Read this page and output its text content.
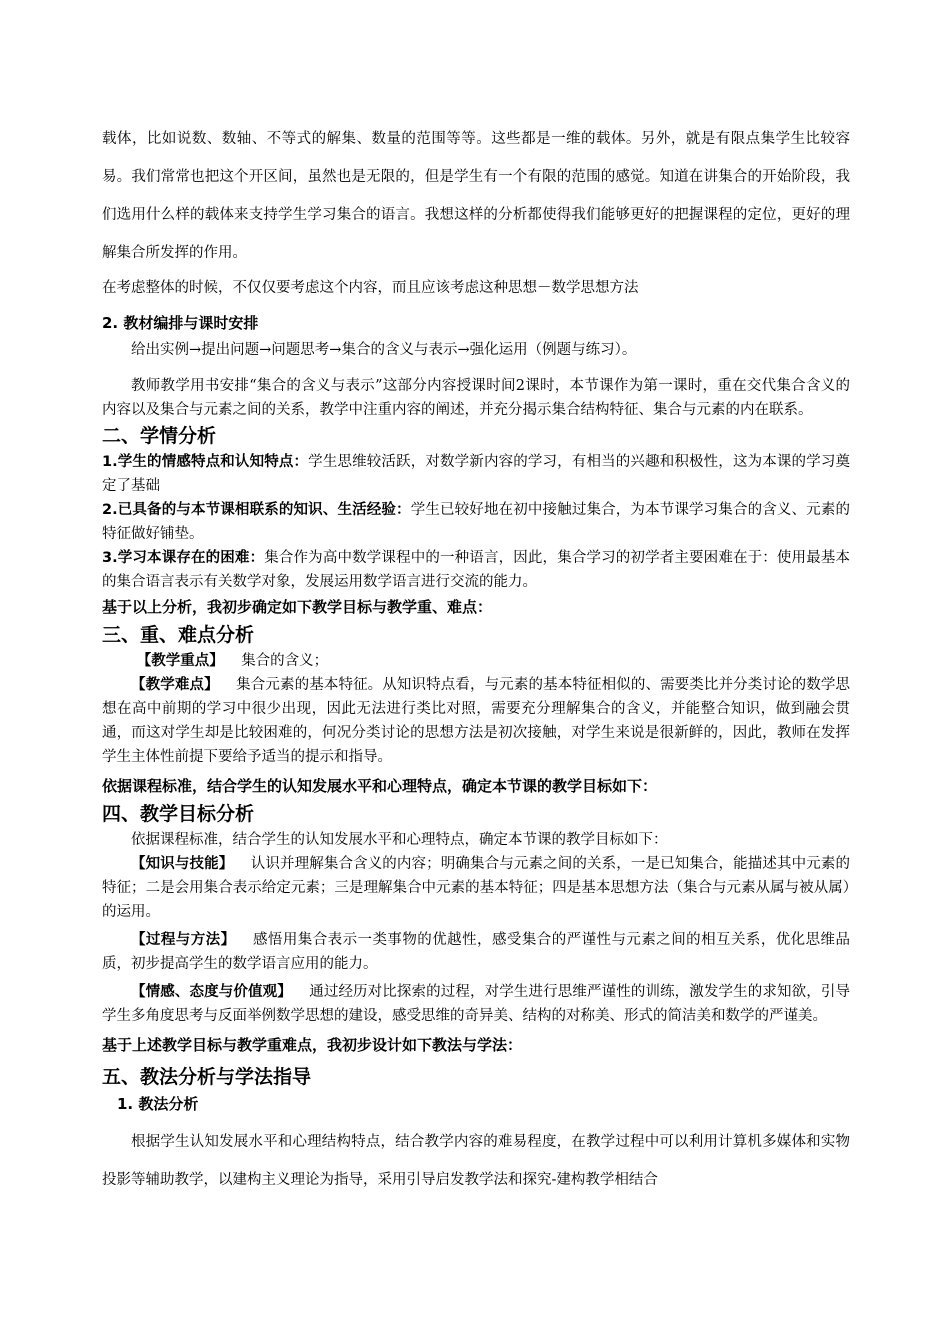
载体，比如说数、数轴、不等式的解集、数量的范围等等。这些都是一维的载体。另外，就是有限点集学生比较容易。我们常常也把这个开区间，虽然也是无限的，但是学生有一个有限的范围的感觉。知道在讲集合的开始阶段，我们选用什么样的载体来支持学生学习集合的语言。我想这样的分析都使得我们能够更好的把握课程的定位，更好的理解集合所发挥的作用。

在考虑整体的时候，不仅仅要考虑这个内容，而且应该考虑这种思想－数学思想方法

2. 教材编排与课时安排

给出实例→提出问题→问题思考→集合的含义与表示→强化运用（例题与练习）。

教师教学用书安排“集合的含义与表示”这部分内容授课时间2课时，本节课作为第一课时，重在交代集合含义的内容以及集合与元素之间的关系，教学中注重内容的阐述，并充分揭示集合结构特征、集合与元素的内在联系。

二、学情分析

1.学生的情感特点和认知特点：学生思维较活跃，对数学新内容的学习，有相当的兴趣和积极性，这为本课的学习奠定了基础

2.已具备的与本节课相联系的知识、生活经验：学生已较好地在初中接触过集合，为本节课学习集合的含义、元素的特征做好铺垫。

3.学习本课存在的困难：集合作为高中数学课程中的一种语言，因此，集合学习的初学者主要困难在于：使用最基本的集合语言表示有关数学对象，发展运用数学语言进行交流的能力。

基于以上分析，我初步确定如下教学目标与教学重、难点：

三、重、难点分析

【教学重点】 集合的含义；

【教学难点】 集合元素的基本特征。从知识特点看，与元素的基本特征相似的、需要类比并分类讨论的数学思想在高中前期的学习中很少出现，因此无法进行类比对照，需要充分理解集合的含义，并能整合知识，做到融会贯通，而这对学生却是比较困难的，何况分类讨论的思想方法是初次接触，对学生来说是很新鲜的，因此，教师在发挥学生主体性前提下要给予适当的提示和指导。

依据课程标准，结合学生的认知发展水平和心理特点，确定本节课的教学目标如下：

四、教学目标分析

依据课程标准，结合学生的认知发展水平和心理特点，确定本节课的教学目标如下：

【知识与技能】 认识并理解集合含义的内容；明确集合与元素之间的关系，一是已知集合，能描述其中元素的特征；二是会用集合表示给定元素；三是理解集合中元素的基本特征；四是基本思想方法（集合与元素从属与被从属）的运用。

【过程与方法】 感悟用集合表示一类事物的优越性，感受集合的严谨性与元素之间的相互关系，优化思维品质，初步提高学生的数学语言应用的能力。

【情感、态度与价值观】 通过经历对比探索的过程，对学生进行思维严谨性的训练，激发学生的求知欲，引导学生多角度思考与反面举例数学思想的建设，感受思维的奇异美、结构的对称美、形式的简洁美和数学的严谨美。

基于上述教学目标与教学重难点，我初步设计如下教法与学法：

五、教法分析与学法指导

1. 教法分析

根据学生认知发展水平和心理结构特点，结合教学内容的难易程度，在教学过程中可以利用计算机多媒体和实物投影等辅助教学，以建构主义理论为指导，采用引导启发教学法和探究-建构教学相结合
